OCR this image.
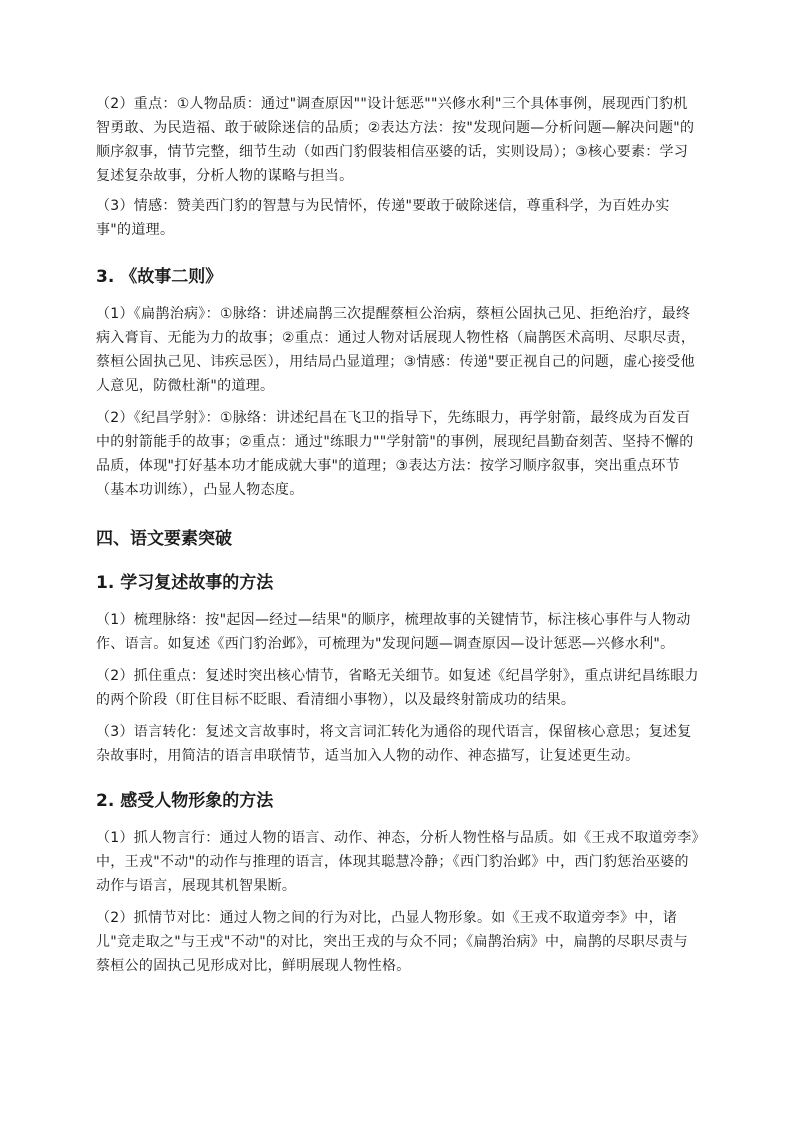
（2）重点：①人物品质：通过"调查原因""设计惩恶""兴修水利"三个具体事例，展现西门豹机智勇敢、为民造福、敢于破除迷信的品质；②表达方法：按"发现问题—分析问题—解决问题"的顺序叙事，情节完整，细节生动（如西门豹假装相信巫婆的话，实则设局）；③核心要素：学习复述复杂故事，分析人物的谋略与担当。

（3）情感：赞美西门豹的智慧与为民情怀，传递"要敢于破除迷信，尊重科学，为百姓办实事"的道理。

3. 《故事二则》

（1）《扁鹊治病》：①脉络：讲述扁鹊三次提醒蔡桓公治病，蔡桓公固执己见、拒绝治疗，最终病入膏肓、无能为力的故事；②重点：通过人物对话展现人物性格（扁鹊医术高明、尽职尽责，蔡桓公固执己见、讳疾忌医），用结局凸显道理；③情感：传递"要正视自己的问题，虚心接受他人意见，防微杜渐"的道理。

（2）《纪昌学射》：①脉络：讲述纪昌在飞卫的指导下，先练眼力，再学射箭，最终成为百发百中的射箭能手的故事；②重点：通过"练眼力""学射箭"的事例，展现纪昌勤奋刻苦、坚持不懈的品质，体现"打好基本功才能成就大事"的道理；③表达方法：按学习顺序叙事，突出重点环节（基本功训练），凸显人物态度。

四、语文要素突破
1. 学习复述故事的方法

（1）梳理脉络：按"起因—经过—结果"的顺序，梳理故事的关键情节，标注核心事件与人物动作、语言。如复述《西门豹治邺》，可梳理为"发现问题—调查原因—设计惩恶—兴修水利"。

（2）抓住重点：复述时突出核心情节，省略无关细节。如复述《纪昌学射》，重点讲纪昌练眼力的两个阶段（盯住目标不眨眼、看清细小事物），以及最终射箭成功的结果。

（3）语言转化：复述文言故事时，将文言词汇转化为通俗的现代语言，保留核心意思；复述复杂故事时，用简洁的语言串联情节，适当加入人物的动作、神态描写，让复述更生动。

2. 感受人物形象的方法

（1）抓人物言行：通过人物的语言、动作、神态，分析人物性格与品质。如《王戎不取道旁李》中，王戎"不动"的动作与推理的语言，体现其聪慧冷静；《西门豹治邺》中，西门豹惩治巫婆的动作与语言，展现其机智果断。

（2）抓情节对比：通过人物之间的行为对比，凸显人物形象。如《王戎不取道旁李》中，诸儿"竞走取之"与王戎"不动"的对比，突出王戎的与众不同；《扁鹊治病》中，扁鹊的尽职尽责与蔡桓公的固执己见形成对比，鲜明展现人物性格。
